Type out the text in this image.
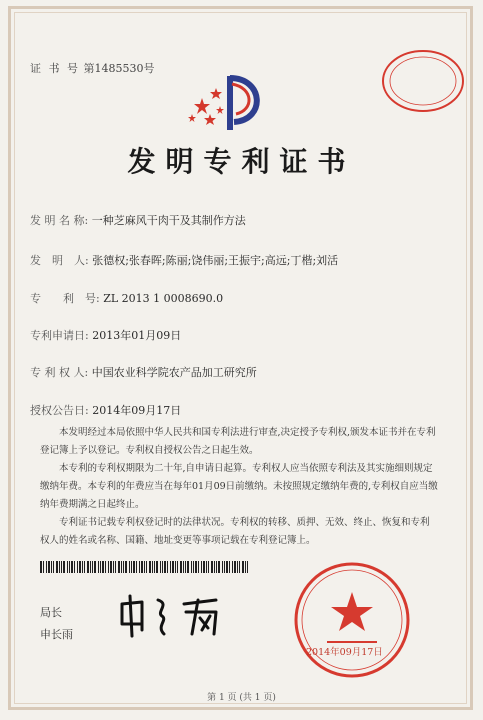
证 书 号 第1485530号
发明专利证书
发 明 名 称: 一种芝麻风干肉干及其制作方法
发　明　人: 张德权;张春晖;陈丽;饶伟丽;王振宇;高远;丁楷;刘活
专　　利　号: ZL 2013 1 0008690.0
专利申请日: 2013年01月09日
专 利 权 人: 中国农业科学院农产品加工研究所
授权公告日: 2014年09月17日

本发明经过本局依照中华人民共和国专利法进行审查,决定授予专利权,颁发本证书并在专利登记簿上予以登记。专利权自授权公告之日起生效。

本专利的专利权期限为二十年,自申请日起算。专利权人应当依照专利法及其实施细则规定缴纳年费。本专利的年费应当在每年01月09日前缴纳。未按照规定缴纳年费的,专利权自应当缴纳年费期满之日起终止。

专利证书记载专利权登记时的法律状况。专利权的转移、质押、无效、终止、恢复和专利权人的姓名或名称、国籍、地址变更等事项记载在专利登记簿上。

局长
申长雨
2014年09月17日
第 1 页 (共 1 页)
